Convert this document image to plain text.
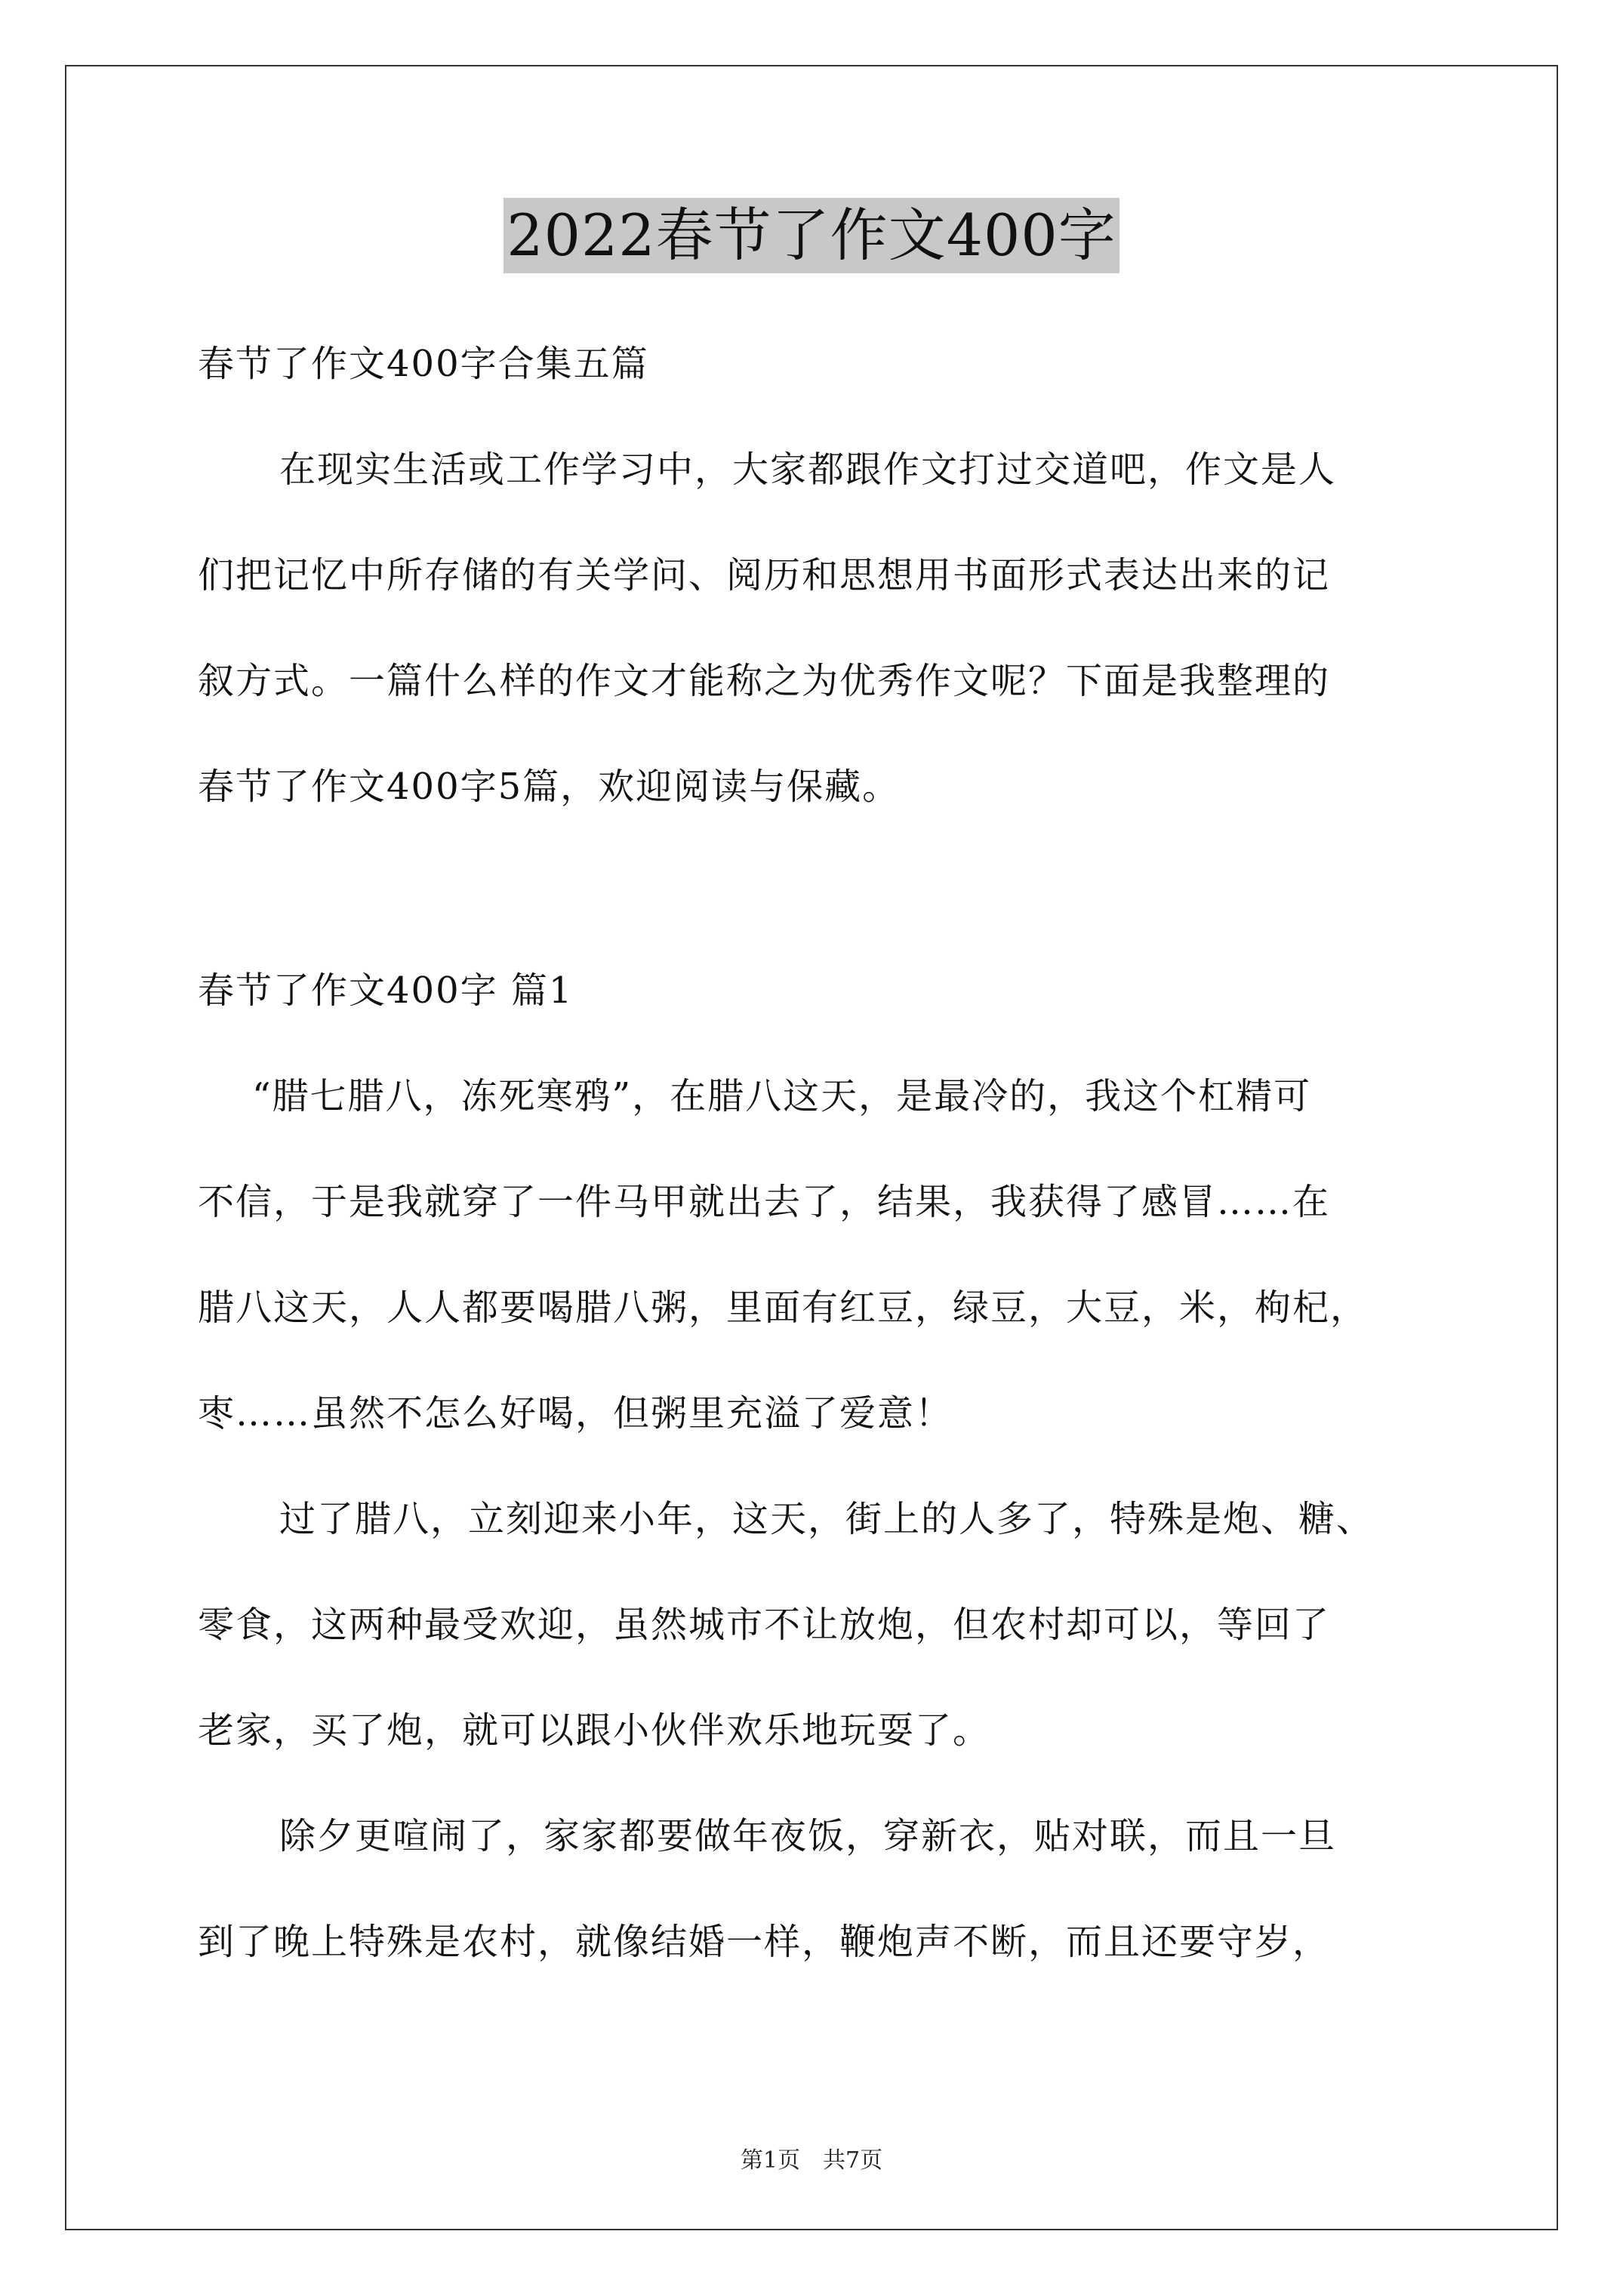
2022春节了作文400字
春节了作文400字合集五篇
在现实生活或工作学习中，大家都跟作文打过交道吧，作文是人
们把记忆中所存储的有关学问、阅历和思想用书面形式表达出来的记
叙方式。一篇什么样的作文才能称之为优秀作文呢？下面是我整理的
春节了作文400字5篇，欢迎阅读与保藏。
春节了作文400字 篇1
“腊七腊八，冻死寒鸦”，在腊八这天，是最冷的，我这个杠精可
不信，于是我就穿了一件马甲就出去了，结果，我获得了感冒……在
腊八这天，人人都要喝腊八粥，里面有红豆，绿豆，大豆，米，枸杞，
枣……虽然不怎么好喝，但粥里充溢了爱意！
过了腊八，立刻迎来小年，这天，街上的人多了，特殊是炮、糖、
零食，这两种最受欢迎，虽然城市不让放炮，但农村却可以，等回了
老家，买了炮，就可以跟小伙伴欢乐地玩耍了。
除夕更喧闹了，家家都要做年夜饭，穿新衣，贴对联，而且一旦
到了晚上特殊是农村，就像结婚一样，鞭炮声不断，而且还要守岁，
第1页　共7页
